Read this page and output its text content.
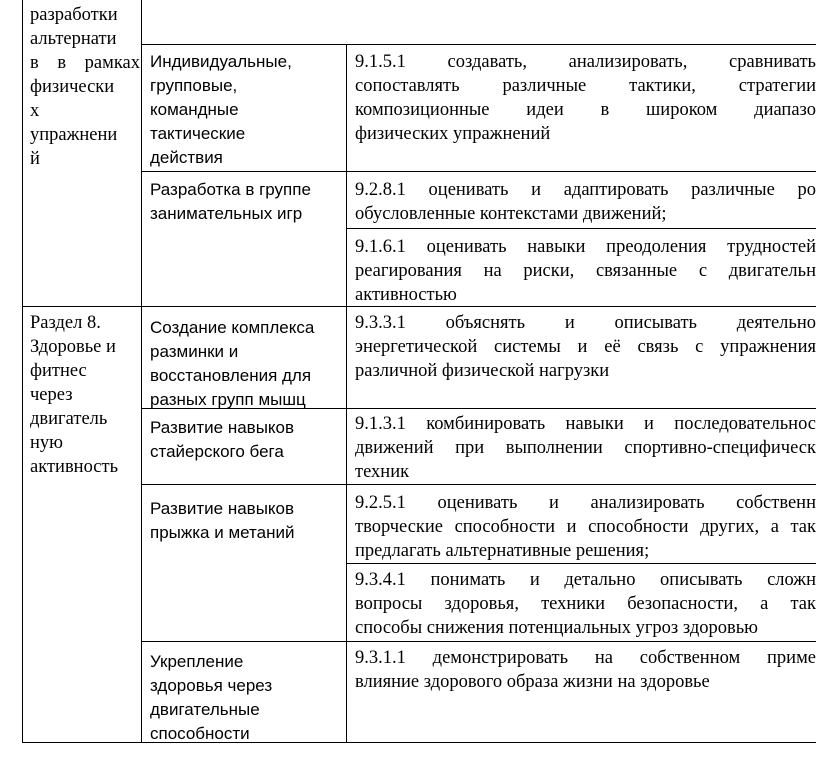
разработки
альтернати
в в рамках
физически
х
упражнени
й
Индивидуальные,
групповые,
командные
тактические
действия
9.1.5.1 создавать, анализировать, сравнивать
сопоставлять различные тактики, стратегии
композиционные идеи в широком диапазо
физических упражнений
Разработка в группе
занимательных игр
9.2.8.1 оценивать и адаптировать различные ро
обусловленные контекстами движений;
9.1.6.1 оценивать навыки преодоления трудностей
реагирования на риски, связанные с двигательн
активностью
Раздел 8.
Здоровье и
фитнес
через
двигатель
ную
активность
Создание комплекса
разминки и
восстановления для
разных групп мышц
9.3.3.1 объяснять и описывать деятельно
энергетической системы и её связь с упражнения
различной физической нагрузки
Развитие навыков
стайерского бега
9.1.3.1 комбинировать навыки и последовательнос
движений при выполнении спортивно-специфическ
техник
Развитие навыков
прыжка и метаний
9.2.5.1 оценивать и анализировать собственн
творческие способности и способности других, а так
предлагать альтернативные решения;
9.3.4.1 понимать и детально описывать сложн
вопросы здоровья, техники безопасности, а так
способы снижения потенциальных угроз здоровью
Укрепление
здоровья через
двигательные
способности
9.3.1.1 демонстрировать на собственном приме
влияние здорового образа жизни на здоровье
